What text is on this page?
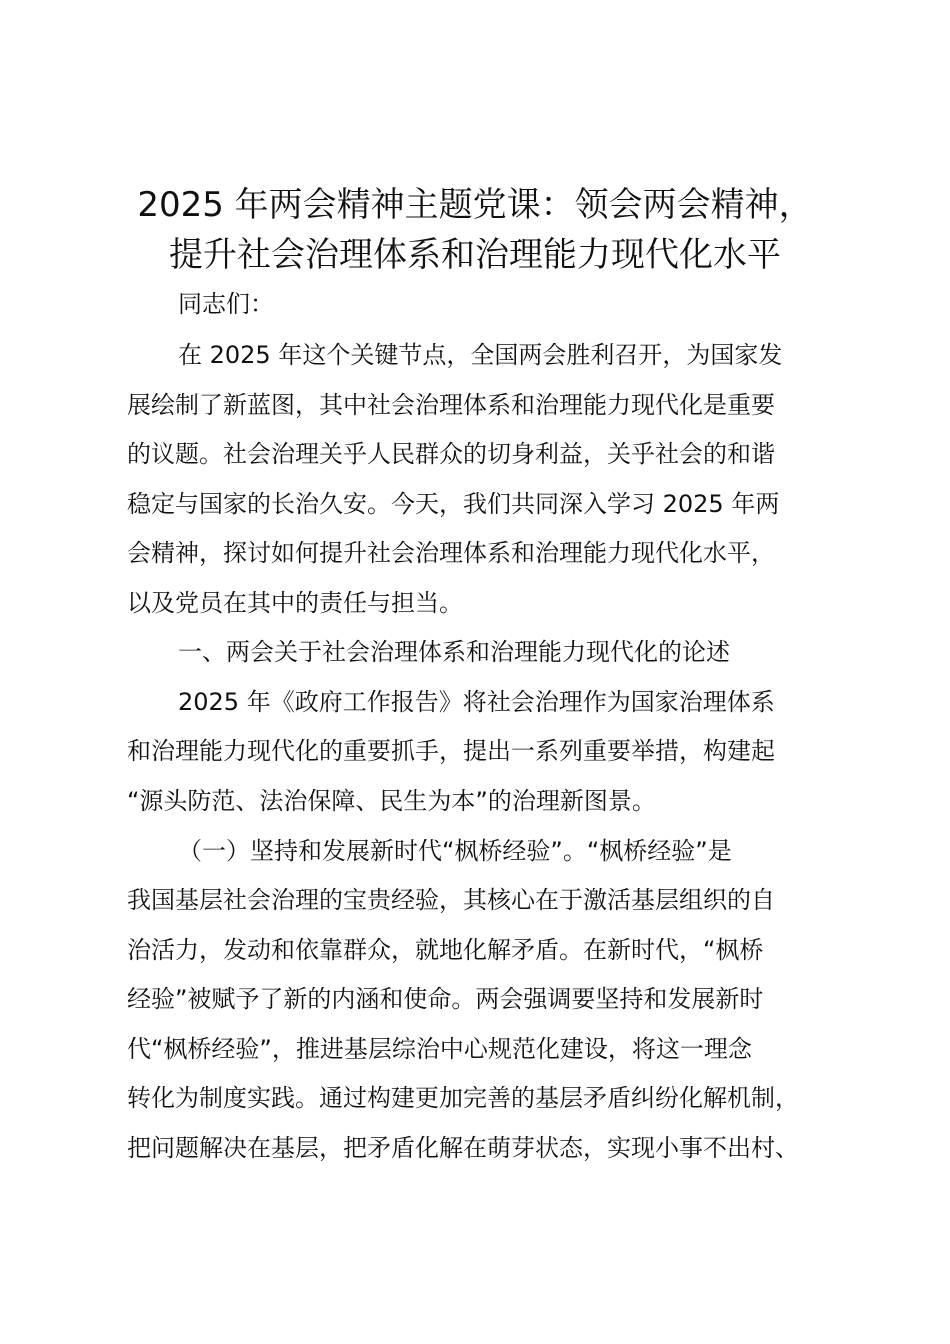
2025 年两会精神主题党课：领会两会精神，
提升社会治理体系和治理能力现代化水平
同志们：
在 2025 年这个关键节点，全国两会胜利召开，为国家发
展绘制了新蓝图，其中社会治理体系和治理能力现代化是重要
的议题。社会治理关乎人民群众的切身利益，关乎社会的和谐
稳定与国家的长治久安。今天，我们共同深入学习 2025 年两
会精神，探讨如何提升社会治理体系和治理能力现代化水平，
以及党员在其中的责任与担当。
一、两会关于社会治理体系和治理能力现代化的论述
2025 年《政府工作报告》将社会治理作为国家治理体系
和治理能力现代化的重要抓手，提出一系列重要举措，构建起
“源头防范、法治保障、民生为本”的治理新图景。
（一）坚持和发展新时代“枫桥经验”。“枫桥经验”是
我国基层社会治理的宝贵经验，其核心在于激活基层组织的自
治活力，发动和依靠群众，就地化解矛盾。在新时代，“枫桥
经验”被赋予了新的内涵和使命。两会强调要坚持和发展新时
代“枫桥经验”，推进基层综治中心规范化建设，将这一理念
转化为制度实践。通过构建更加完善的基层矛盾纠纷化解机制，
把问题解决在基层，把矛盾化解在萌芽状态，实现小事不出村、
